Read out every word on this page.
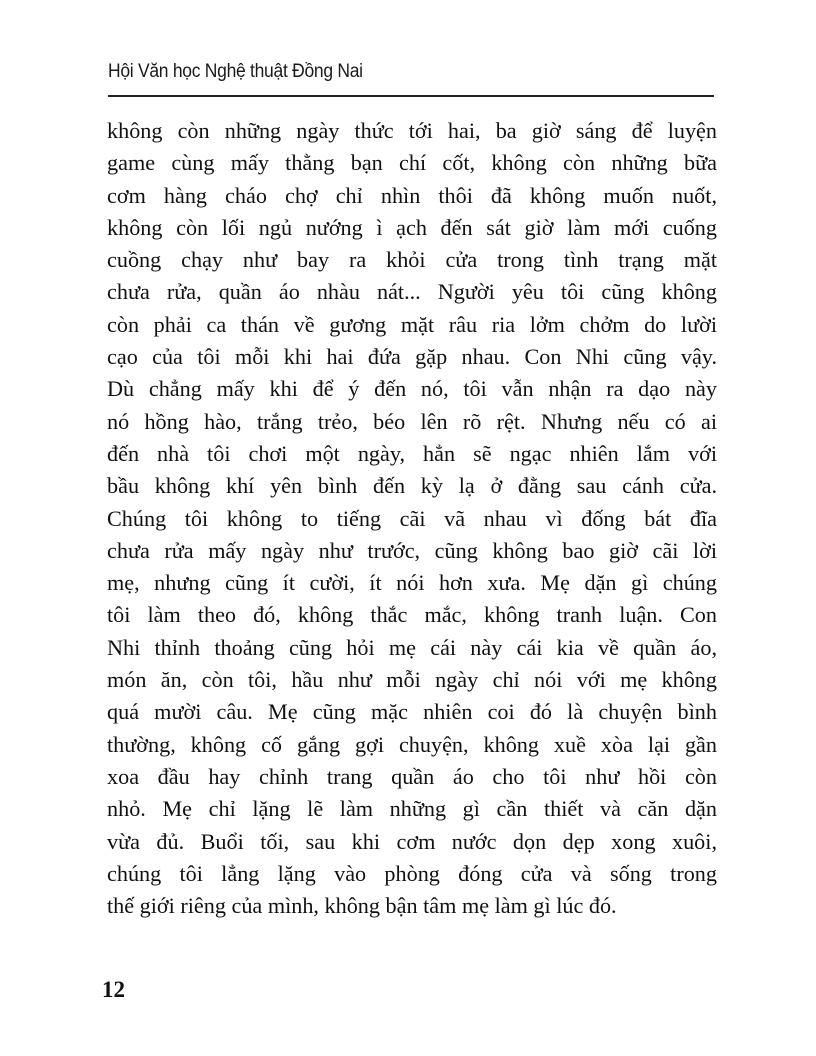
Hội Văn học Nghệ thuật Đồng Nai
không còn những ngày thức tới hai, ba giờ sáng để luyện
game cùng mấy thằng bạn chí cốt, không còn những bữa
cơm hàng cháo chợ chỉ nhìn thôi đã không muốn nuốt,
không còn lối ngủ nướng ì ạch đến sát giờ làm mới cuống
cuồng chạy như bay ra khỏi cửa trong tình trạng mặt
chưa rửa, quần áo nhàu nát... Người yêu tôi cũng không
còn phải ca thán về gương mặt râu ria lởm chởm do lười
cạo của tôi mỗi khi hai đứa gặp nhau. Con Nhi cũng vậy.
Dù chẳng mấy khi để ý đến nó, tôi vẫn nhận ra dạo này
nó hồng hào, trắng trẻo, béo lên rõ rệt. Nhưng nếu có ai
đến nhà tôi chơi một ngày, hẳn sẽ ngạc nhiên lắm với
bầu không khí yên bình đến kỳ lạ ở đằng sau cánh cửa.
Chúng tôi không to tiếng cãi vã nhau vì đống bát đĩa
chưa rửa mấy ngày như trước, cũng không bao giờ cãi lời
mẹ, nhưng cũng ít cười, ít nói hơn xưa. Mẹ dặn gì chúng
tôi làm theo đó, không thắc mắc, không tranh luận. Con
Nhi thỉnh thoảng cũng hỏi mẹ cái này cái kia về quần áo,
món ăn, còn tôi, hầu như mỗi ngày chỉ nói với mẹ không
quá mười câu. Mẹ cũng mặc nhiên coi đó là chuyện bình
thường, không cố gắng gợi chuyện, không xuề xòa lại gần
xoa đầu hay chỉnh trang quần áo cho tôi như hồi còn
nhỏ. Mẹ chỉ lặng lẽ làm những gì cần thiết và căn dặn
vừa đủ. Buổi tối, sau khi cơm nước dọn dẹp xong xuôi,
chúng tôi lẳng lặng vào phòng đóng cửa và sống trong
thế giới riêng của mình, không bận tâm mẹ làm gì lúc đó.
12
